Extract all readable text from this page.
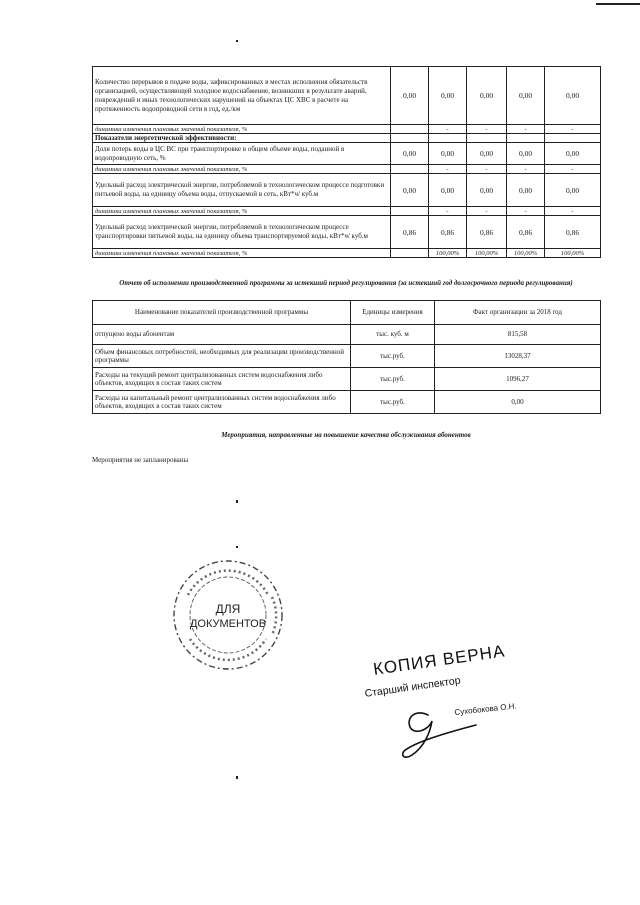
Количество перерывов в подаче воды, зафиксированных в местах исполнения обязательств организацией, осуществляющей холодное водоснабжение, возникших в результате аварий, повреждений и иных технологических нарушений на объектах ЦС ХВС в расчете на протяженность водопроводной сети в год, ед./км	0,00	0,00	0,00	0,00	0,00
динамика изменения плановых значений показателя, %		-	-	-	-
Показатели энергетической эффективности:					
Доля потерь воды в ЦС ВС при транспортировке в общем объеме воды, поданной в водопроводную сеть, %	0,00	0,00	0,00	0,00	0,00
динамика изменения плановых значений показателя, %		-	-	-	-
Удельный расход электрической энергии, потребляемой в технологическом процессе подготовки питьевой воды, на единицу объема воды, отпускаемой в сеть, кВт*ч/ куб.м	0,00	0,00	0,00	0,00	0,00
динамика изменения плановых значений показателя, %		-	-	-	-
Удельный расход электрической энергии, потребляемой в технологическом процессе транспортировки питьевой воды, на единицу объема транспортируемой воды, кВт*ч/ куб.м	0,86	0,86	0,86	0,86	0,86
динамика изменения плановых значений показателя, %		100,00%	100,00%	100,00%	100,00%
Отчет об исполнении производственной программы за истекший период регулирования (за истекший год долгосрочного периода регулирования)
Наименование показателей производственной программы	Единицы измерения	Факт организации за 2018 год
отпущено воды абонентам	тыс. куб. м	815,58
Объем финансовых потребностей, необходимых для реализации производственной программы	тыс.руб.	13028,37
Расходы на текущий ремонт централизованных систем водоснабжения либо объектов, входящих в состав таких систем	тыс.руб.	1096,27
Расходы на капитальный ремонт централизованных систем водоснабжения либо объектов, входящих в состав таких систем	тыс.руб.	0,00
Мероприятия, направленные на повышение качества обслуживания абонентов
Мероприятия не запланированы
ДЛЯ
ДОКУМЕНТОВ
КОПИЯ ВЕРНА
Старший инспектор
Сухобокова О.Н.
